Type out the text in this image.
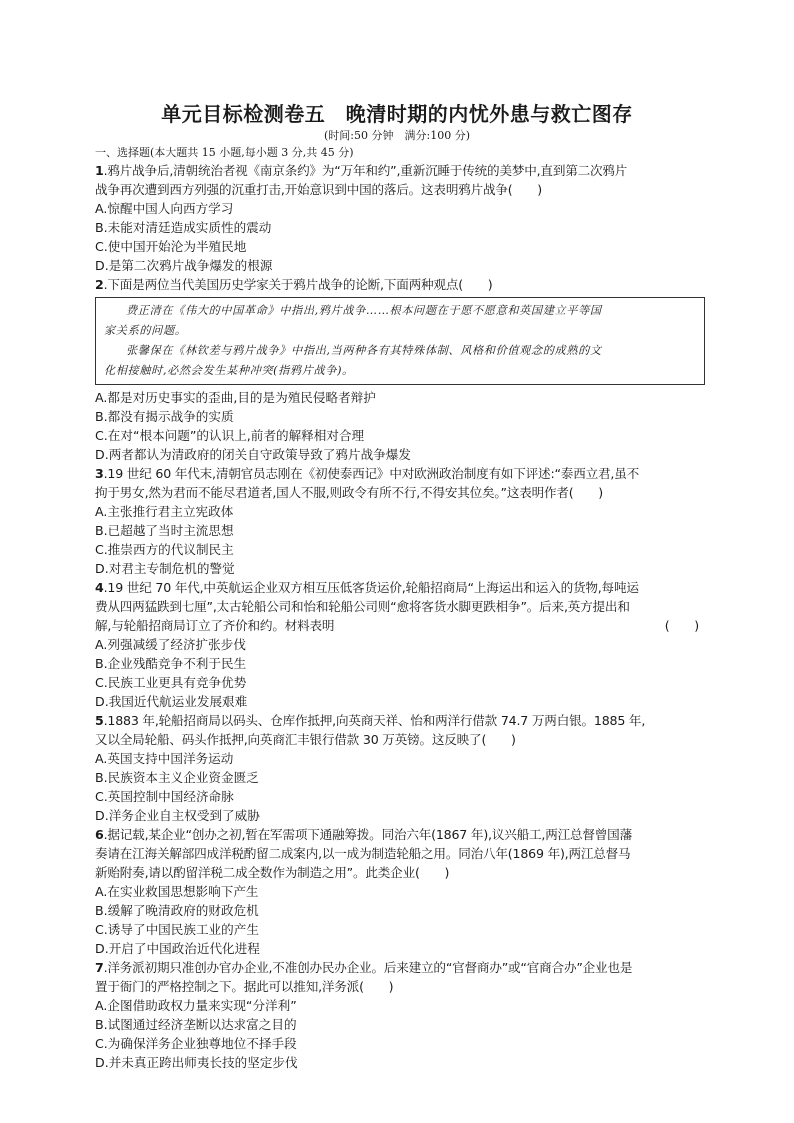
单元目标检测卷五　晚清时期的内忧外患与救亡图存
(时间:50 分钟　满分:100 分)
一、选择题(本大题共 15 小题,每小题 3 分,共 45 分)
1.鸦片战争后,清朝统治者视《南京条约》为“万年和约”,重新沉睡于传统的美梦中,直到第二次鸦片
战争再次遭到西方列强的沉重打击,开始意识到中国的落后。这表明鸦片战争(　　)
A.惊醒中国人向西方学习
B.未能对清廷造成实质性的震动
C.使中国开始沦为半殖民地
D.是第二次鸦片战争爆发的根源
2.下面是两位当代美国历史学家关于鸦片战争的论断,下面两种观点(　　)
费正清在《伟大的中国革命》中指出,鸦片战争……根本问题在于愿不愿意和英国建立平等国
家关系的问题。
张馨保在《林钦差与鸦片战争》中指出,当两种各有其特殊体制、风格和价值观念的成熟的文
化相接触时,必然会发生某种冲突(指鸦片战争)。
A.都是对历史事实的歪曲,目的是为殖民侵略者辩护
B.都没有揭示战争的实质
C.在对“根本问题”的认识上,前者的解释相对合理
D.两者都认为清政府的闭关自守政策导致了鸦片战争爆发
3.19 世纪 60 年代末,清朝官员志刚在《初使泰西记》中对欧洲政治制度有如下评述:“泰西立君,虽不
拘于男女,然为君而不能尽君道者,国人不服,则政令有所不行,不得安其位矣。”这表明作者(　　)
A.主张推行君主立宪政体
B.已超越了当时主流思想
C.推崇西方的代议制民主
D.对君主专制危机的警觉
4.19 世纪 70 年代,中英航运企业双方相互压低客货运价,轮船招商局“上海运出和运入的货物,每吨运
费从四两猛跌到七厘”,太古轮船公司和怡和轮船公司则“愈将客货水脚更跌相争”。后来,英方提出和
解,与轮船招商局订立了齐价和约。材料表明	(　　)
A.列强减缓了经济扩张步伐
B.企业残酷竞争不利于民生
C.民族工业更具有竞争优势
D.我国近代航运业发展艰难
5.1883 年,轮船招商局以码头、仓库作抵押,向英商天祥、怡和两洋行借款 74.7 万两白银。1885 年,
又以全局轮船、码头作抵押,向英商汇丰银行借款 30 万英镑。这反映了(　　)
A.英国支持中国洋务运动
B.民族资本主义企业资金匮乏
C.英国控制中国经济命脉
D.洋务企业自主权受到了威胁
6.据记载,某企业“创办之初,暂在军需项下通融筹拨。同治六年(1867 年),议兴船工,两江总督曾国藩
奏请在江海关解部四成洋税酌留二成案内,以一成为制造轮船之用。同治八年(1869 年),两江总督马
新贻附奏,请以酌留洋税二成全数作为制造之用”。此类企业(　　)
A.在实业救国思想影响下产生
B.缓解了晚清政府的财政危机
C.诱导了中国民族工业的产生
D.开启了中国政治近代化进程
7.洋务派初期只准创办官办企业,不准创办民办企业。后来建立的“官督商办”或“官商合办”企业也是
置于衙门的严格控制之下。据此可以推知,洋务派(　　)
A.企图借助政权力量来实现“分洋利”
B.试图通过经济垄断以达求富之目的
C.为确保洋务企业独尊地位不择手段
D.并未真正跨出师夷长技的坚定步伐
